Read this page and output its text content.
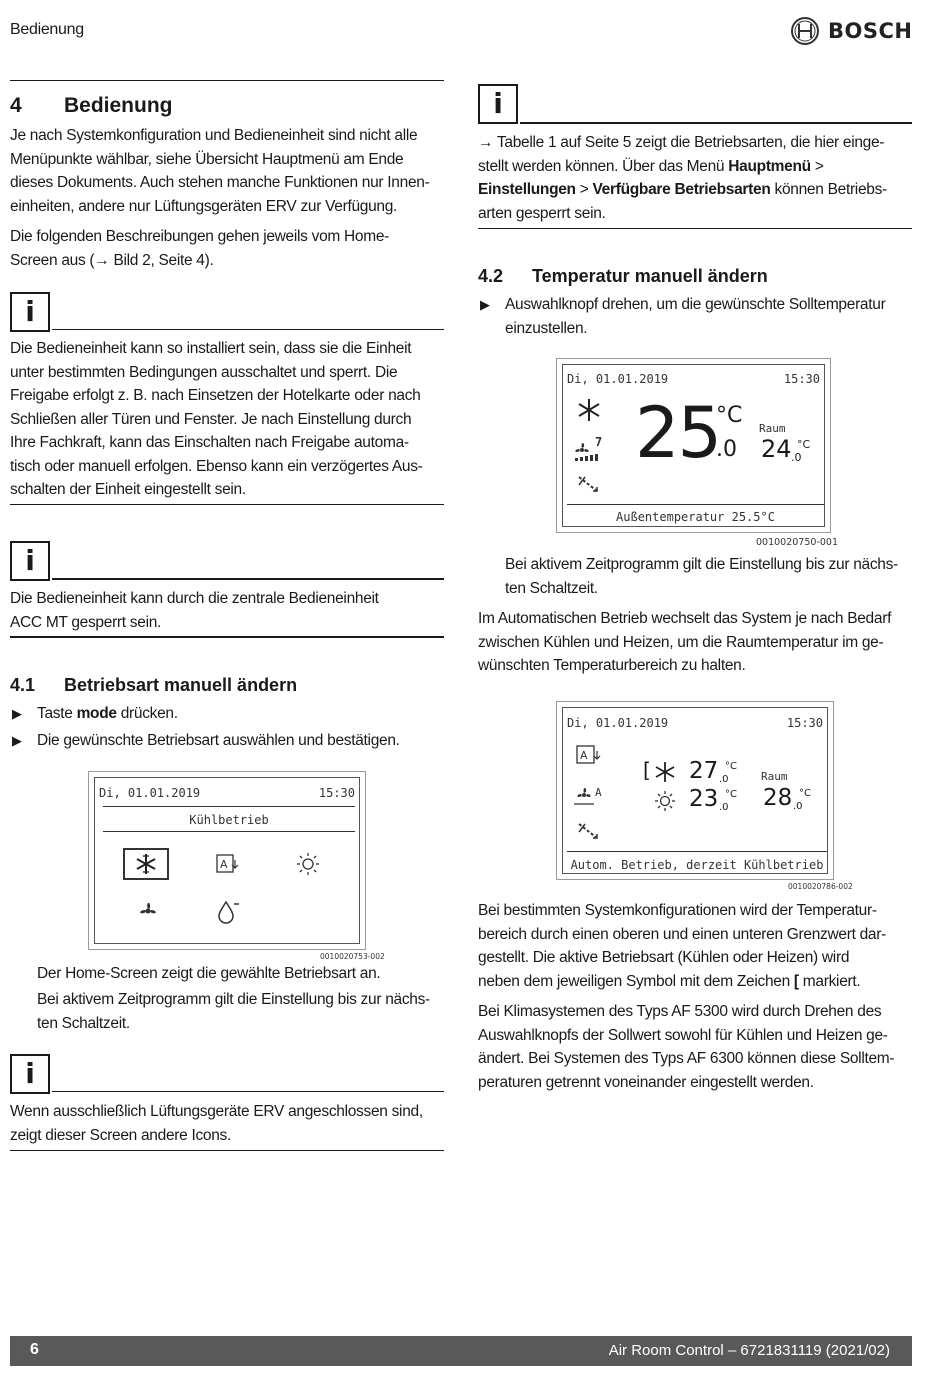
Bedienung	BOSCH
4 Bedienung
Je nach Systemkonfiguration und Bedieneinheit sind nicht alle
Menüpunkte wählbar, siehe Übersicht Hauptmenü am Ende
dieses Dokuments. Auch stehen manche Funktionen nur Innen-
einheiten, andere nur Lüftungsgeräten ERV zur Verfügung.
Die folgenden Beschreibungen gehen jeweils vom Home-
Screen aus (→ Bild 2, Seite 4).
i
Die Bedieneinheit kann so installiert sein, dass sie die Einheit
unter bestimmten Bedingungen ausschaltet und sperrt. Die
Freigabe erfolgt z. B. nach Einsetzen der Hotelkarte oder nach
Schließen aller Türen und Fenster. Je nach Einstellung durch
Ihre Fachkraft, kann das Einschalten nach Freigabe automa-
tisch oder manuell erfolgen. Ebenso kann ein verzögertes Aus-
schalten der Einheit eingestellt sein.
i
Die Bedieneinheit kann durch die zentrale Bedieneinheit
ACC MT gesperrt sein.
4.1 Betriebsart manuell ändern
▶ Taste mode drücken.
▶ Die gewünschte Betriebsart auswählen und bestätigen.
Di, 01.01.2019	15:30
Kühlbetrieb
A
0010020753-002
Der Home-Screen zeigt die gewählte Betriebsart an.
Bei aktivem Zeitprogramm gilt die Einstellung bis zur nächs-
ten Schaltzeit.
i
Wenn ausschließlich Lüftungsgeräte ERV angeschlossen sind,
zeigt dieser Screen andere Icons.
i
→ Tabelle 1 auf Seite 5 zeigt die Betriebsarten, die hier einge-
stellt werden können. Über das Menü Hauptmenü >
Einstellungen > Verfügbare Betriebsarten können Betriebs-
arten gesperrt sein.
4.2 Temperatur manuell ändern
▶ Auswahlknopf drehen, um die gewünschte Solltemperatur
einzustellen.
Di, 01.01.2019	15:30
7 25
°C
.0
Raum
24 .0
°C
Außentemperatur 25.5°C
0010020750-001
Bei aktivem Zeitprogramm gilt die Einstellung bis zur nächs-
ten Schaltzeit.
Im Automatischen Betrieb wechselt das System je nach Bedarf
zwischen Kühlen und Heizen, um die Raumtemperatur im ge-
wünschten Temperaturbereich zu halten.
Di, 01.01.2019	15:30
A
A
[ 27 .0
°C
23 .0
°C
Raum
28 .0
°C
Autom. Betrieb, derzeit Kühlbetrieb
0010020786-002
Bei bestimmten Systemkonfigurationen wird der Temperatur-
bereich durch einen oberen und einen unteren Grenzwert dar-
gestellt. Die aktive Betriebsart (Kühlen oder Heizen) wird
neben dem jeweiligen Symbol mit dem Zeichen [ markiert.
Bei Klimasystemen des Typs AF 5300 wird durch Drehen des
Auswahlknopfs der Sollwert sowohl für Kühlen und Heizen ge-
ändert. Bei Systemen des Typs AF 6300 können diese Solltem-
peraturen getrennt voneinander eingestellt werden.
6	Air Room Control – 6721831119 (2021/02)
